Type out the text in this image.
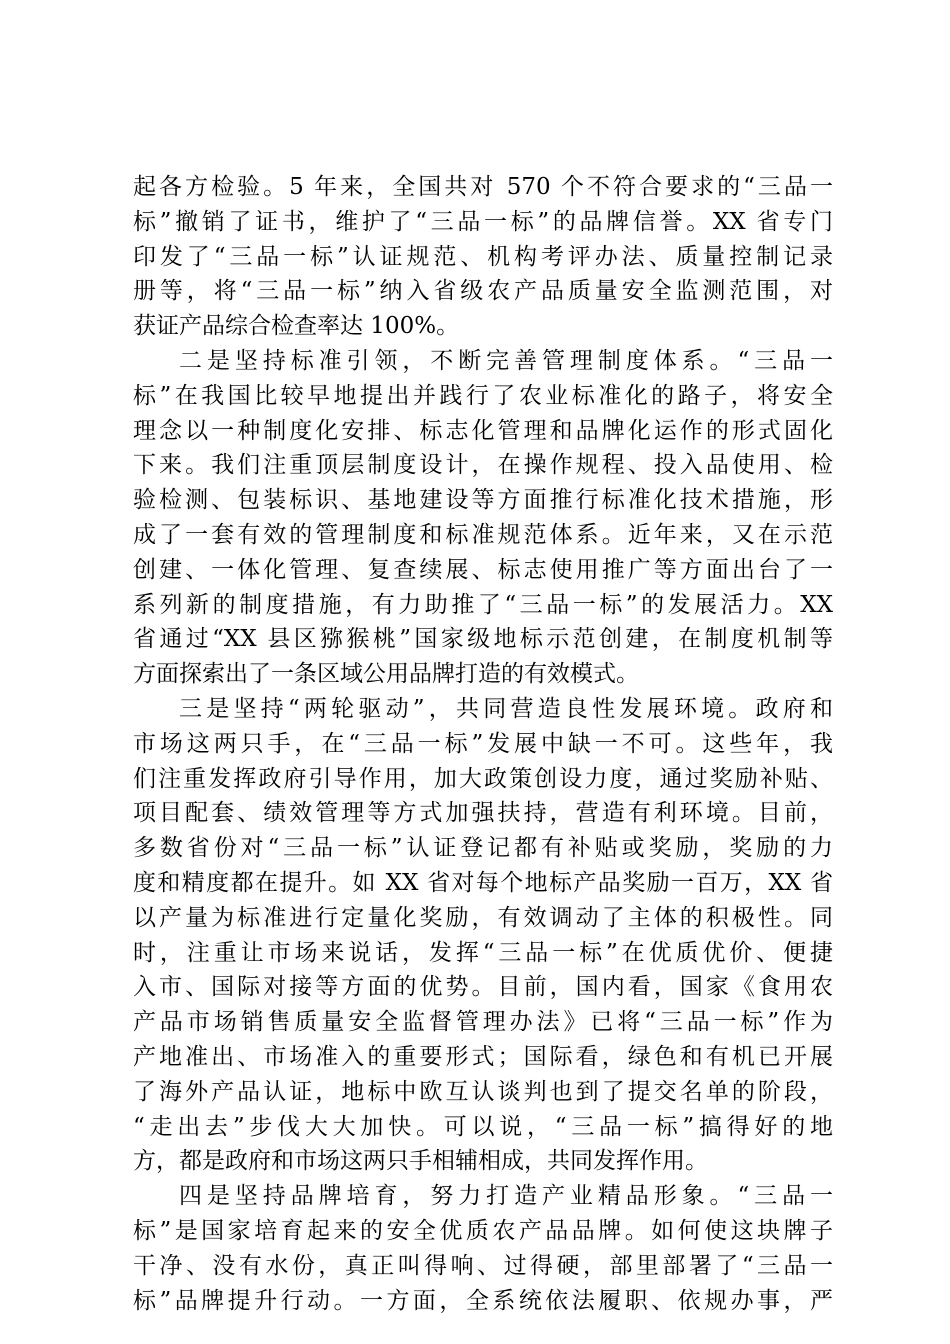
起各方检验。5 年来，全国共对 570 个不符合要求的“三品一
标”撤销了证书，维护了“三品一标”的品牌信誉。XX 省专门
印发了“三品一标”认证规范、机构考评办法、质量控制记录
册等，将“三品一标”纳入省级农产品质量安全监测范围，对
获证产品综合检查率达 100%。
二是坚持标准引领，不断完善管理制度体系。“三品一
标”在我国比较早地提出并践行了农业标准化的路子，将安全
理念以一种制度化安排、标志化管理和品牌化运作的形式固化
下来。我们注重顶层制度设计，在操作规程、投入品使用、检
验检测、包装标识、基地建设等方面推行标准化技术措施，形
成了一套有效的管理制度和标准规范体系。近年来，又在示范
创建、一体化管理、复查续展、标志使用推广等方面出台了一
系列新的制度措施，有力助推了“三品一标”的发展活力。XX
省通过“XX 县区猕猴桃”国家级地标示范创建，在制度机制等
方面探索出了一条区域公用品牌打造的有效模式。
三是坚持“两轮驱动”，共同营造良性发展环境。政府和
市场这两只手，在“三品一标”发展中缺一不可。这些年，我
们注重发挥政府引导作用，加大政策创设力度，通过奖励补贴、
项目配套、绩效管理等方式加强扶持，营造有利环境。目前，
多数省份对“三品一标”认证登记都有补贴或奖励，奖励的力
度和精度都在提升。如 XX 省对每个地标产品奖励一百万，XX 省
以产量为标准进行定量化奖励，有效调动了主体的积极性。同
时，注重让市场来说话，发挥“三品一标”在优质优价、便捷
入市、国际对接等方面的优势。目前，国内看，国家《食用农
产品市场销售质量安全监督管理办法》已将“三品一标”作为
产地准出、市场准入的重要形式；国际看，绿色和有机已开展
了海外产品认证，地标中欧互认谈判也到了提交名单的阶段，
“走出去”步伐大大加快。可以说，“三品一标”搞得好的地
方，都是政府和市场这两只手相辅相成，共同发挥作用。
四是坚持品牌培育，努力打造产业精品形象。“三品一
标”是国家培育起来的安全优质农产品品牌。如何使这块牌子
干净、没有水份，真正叫得响、过得硬，部里部署了“三品一
标”品牌提升行动。一方面，全系统依法履职、依规办事，严
